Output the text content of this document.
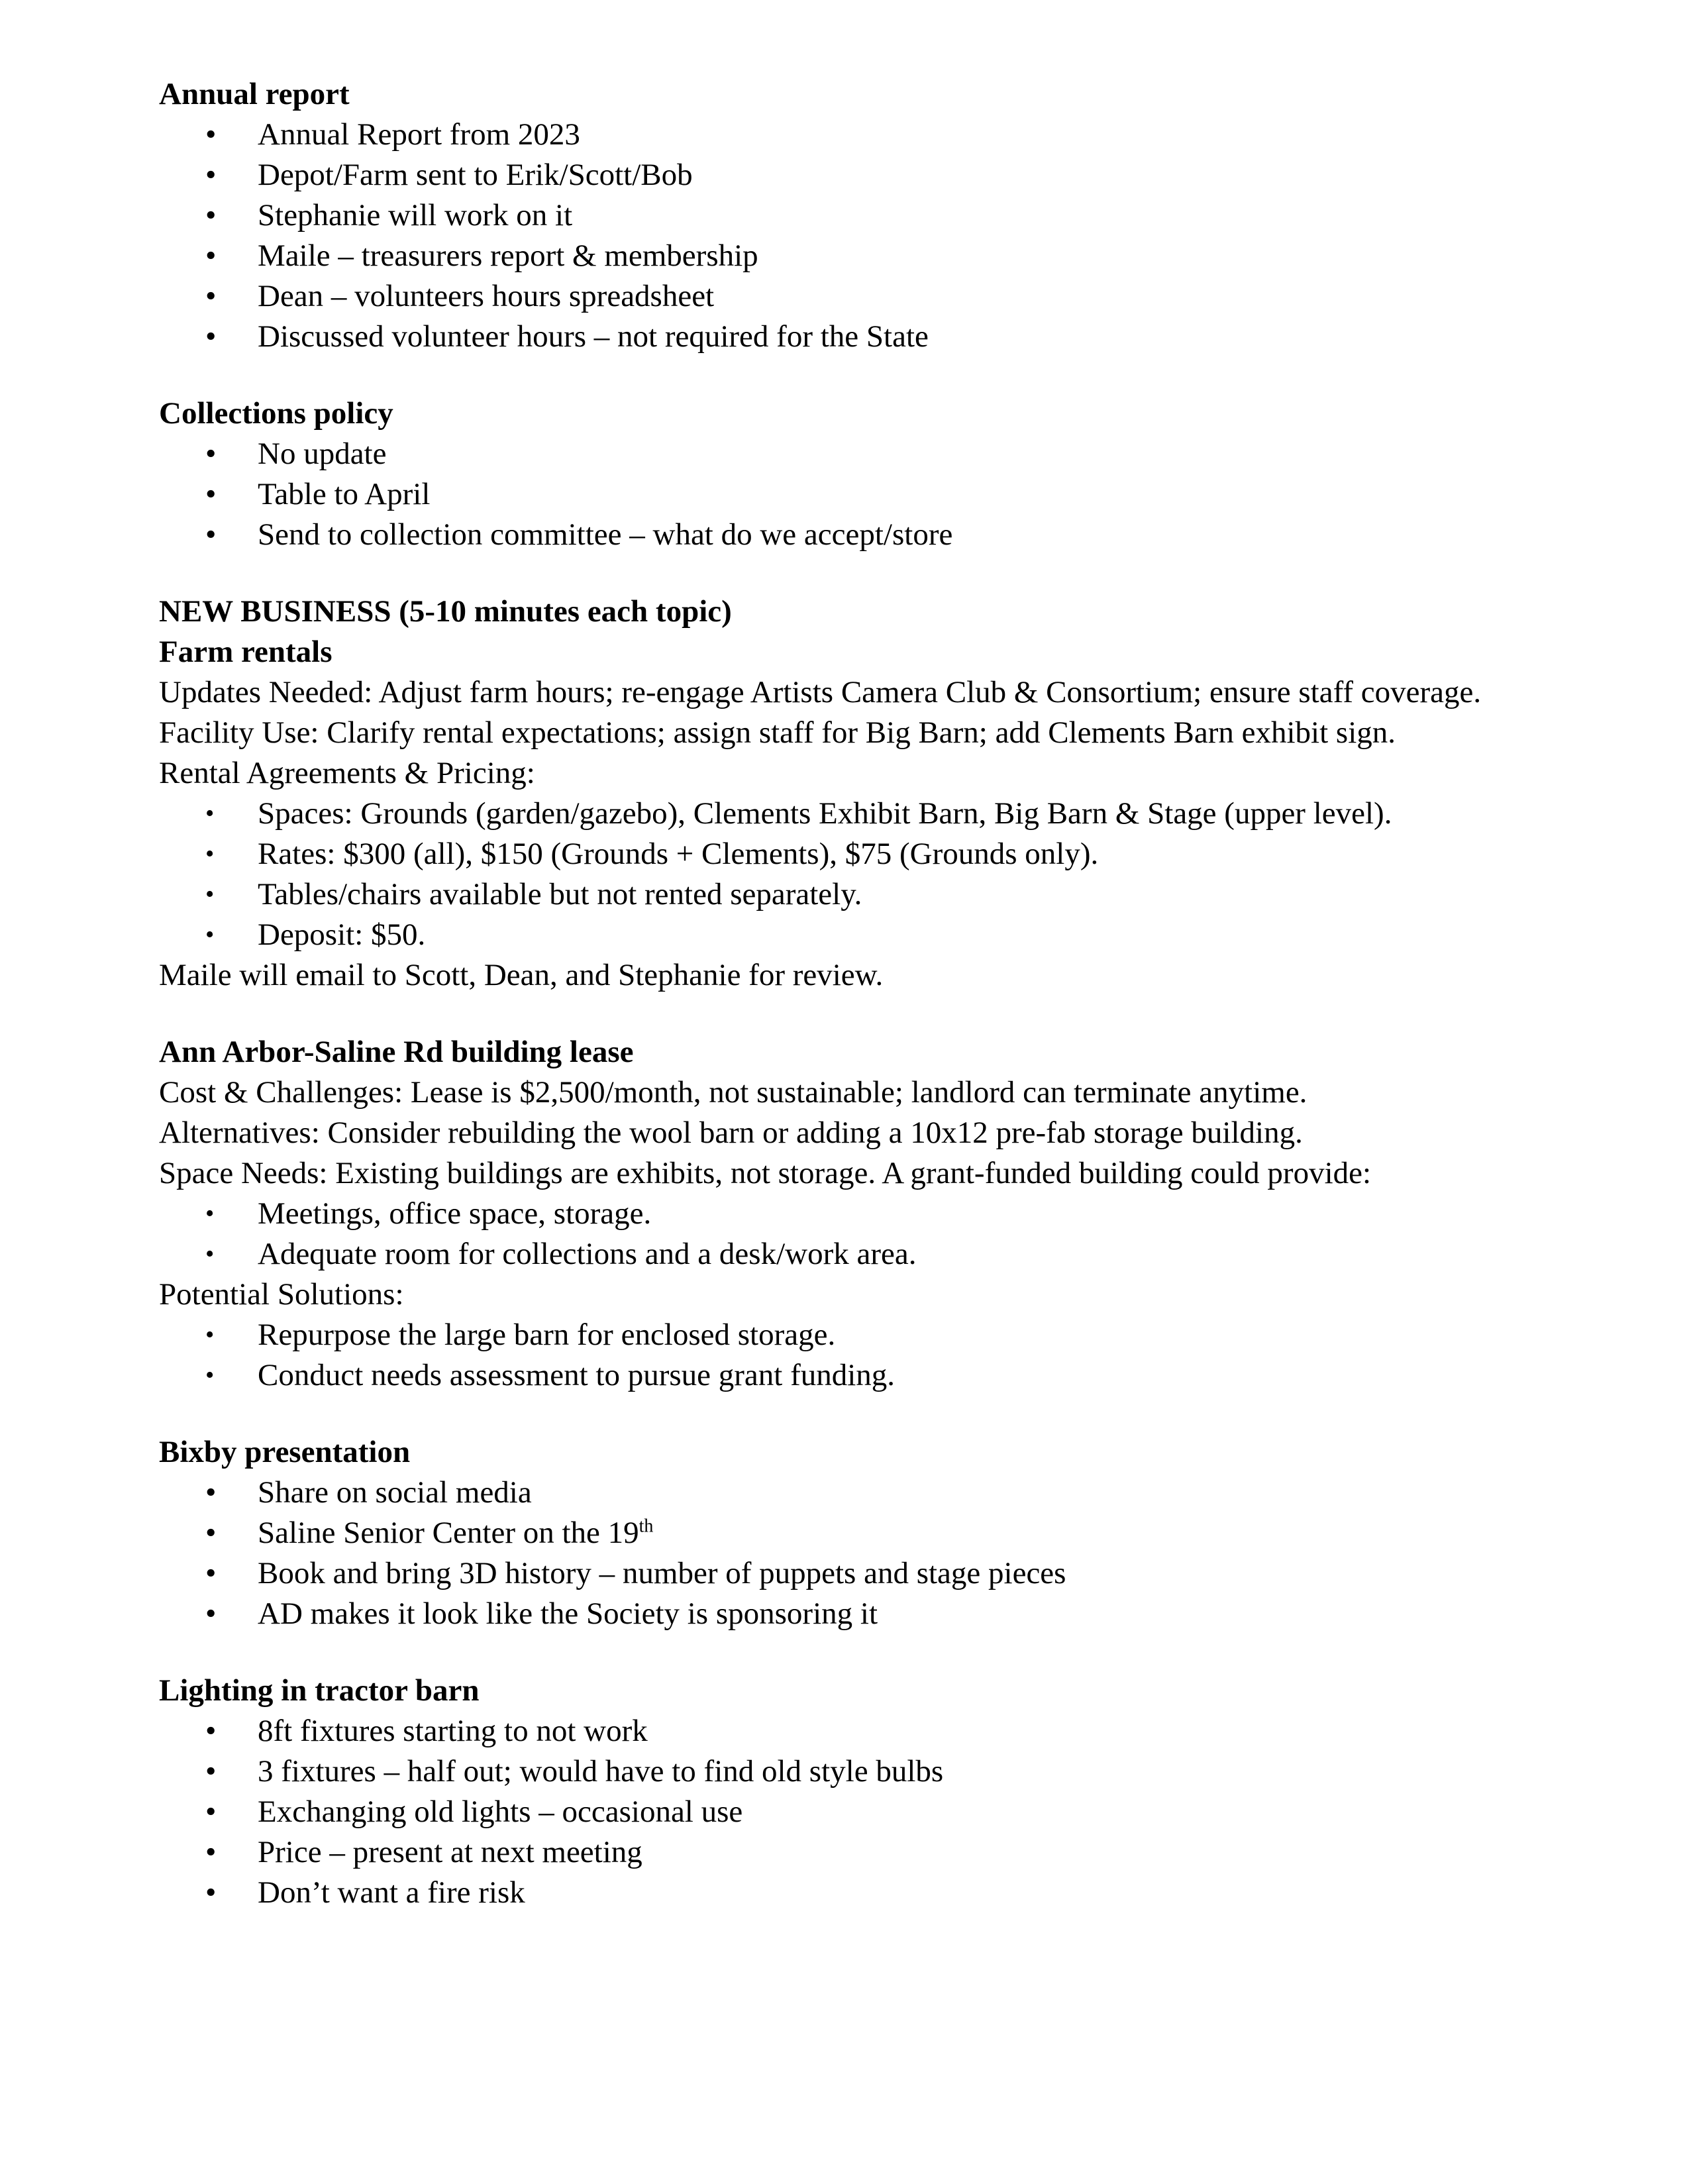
Annual report
• Annual Report from 2023
• Depot/Farm sent to Erik/Scott/Bob
• Stephanie will work on it
• Maile – treasurers report & membership
• Dean – volunteers hours spreadsheet
• Discussed volunteer hours – not required for the State
Collections policy
• No update
• Table to April
• Send to collection committee – what do we accept/store
NEW BUSINESS (5-10 minutes each topic)
Farm rentals
Updates Needed: Adjust farm hours; re-engage Artists Camera Club & Consortium; ensure staff coverage.
Facility Use: Clarify rental expectations; assign staff for Big Barn; add Clements Barn exhibit sign.
Rental Agreements & Pricing:
• Spaces: Grounds (garden/gazebo), Clements Exhibit Barn, Big Barn & Stage (upper level).
• Rates: $300 (all), $150 (Grounds + Clements), $75 (Grounds only).
• Tables/chairs available but not rented separately.
• Deposit: $50.
Maile will email to Scott, Dean, and Stephanie for review.
Ann Arbor-Saline Rd building lease
Cost & Challenges: Lease is $2,500/month, not sustainable; landlord can terminate anytime.
Alternatives: Consider rebuilding the wool barn or adding a 10x12 pre-fab storage building.
Space Needs: Existing buildings are exhibits, not storage. A grant-funded building could provide:
• Meetings, office space, storage.
• Adequate room for collections and a desk/work area.
Potential Solutions:
• Repurpose the large barn for enclosed storage.
• Conduct needs assessment to pursue grant funding.
Bixby presentation
• Share on social media
• Saline Senior Center on the 19th
• Book and bring 3D history – number of puppets and stage pieces
• AD makes it look like the Society is sponsoring it
Lighting in tractor barn
• 8ft fixtures starting to not work
• 3 fixtures – half out; would have to find old style bulbs
• Exchanging old lights – occasional use
• Price – present at next meeting
• Don’t want a fire risk
